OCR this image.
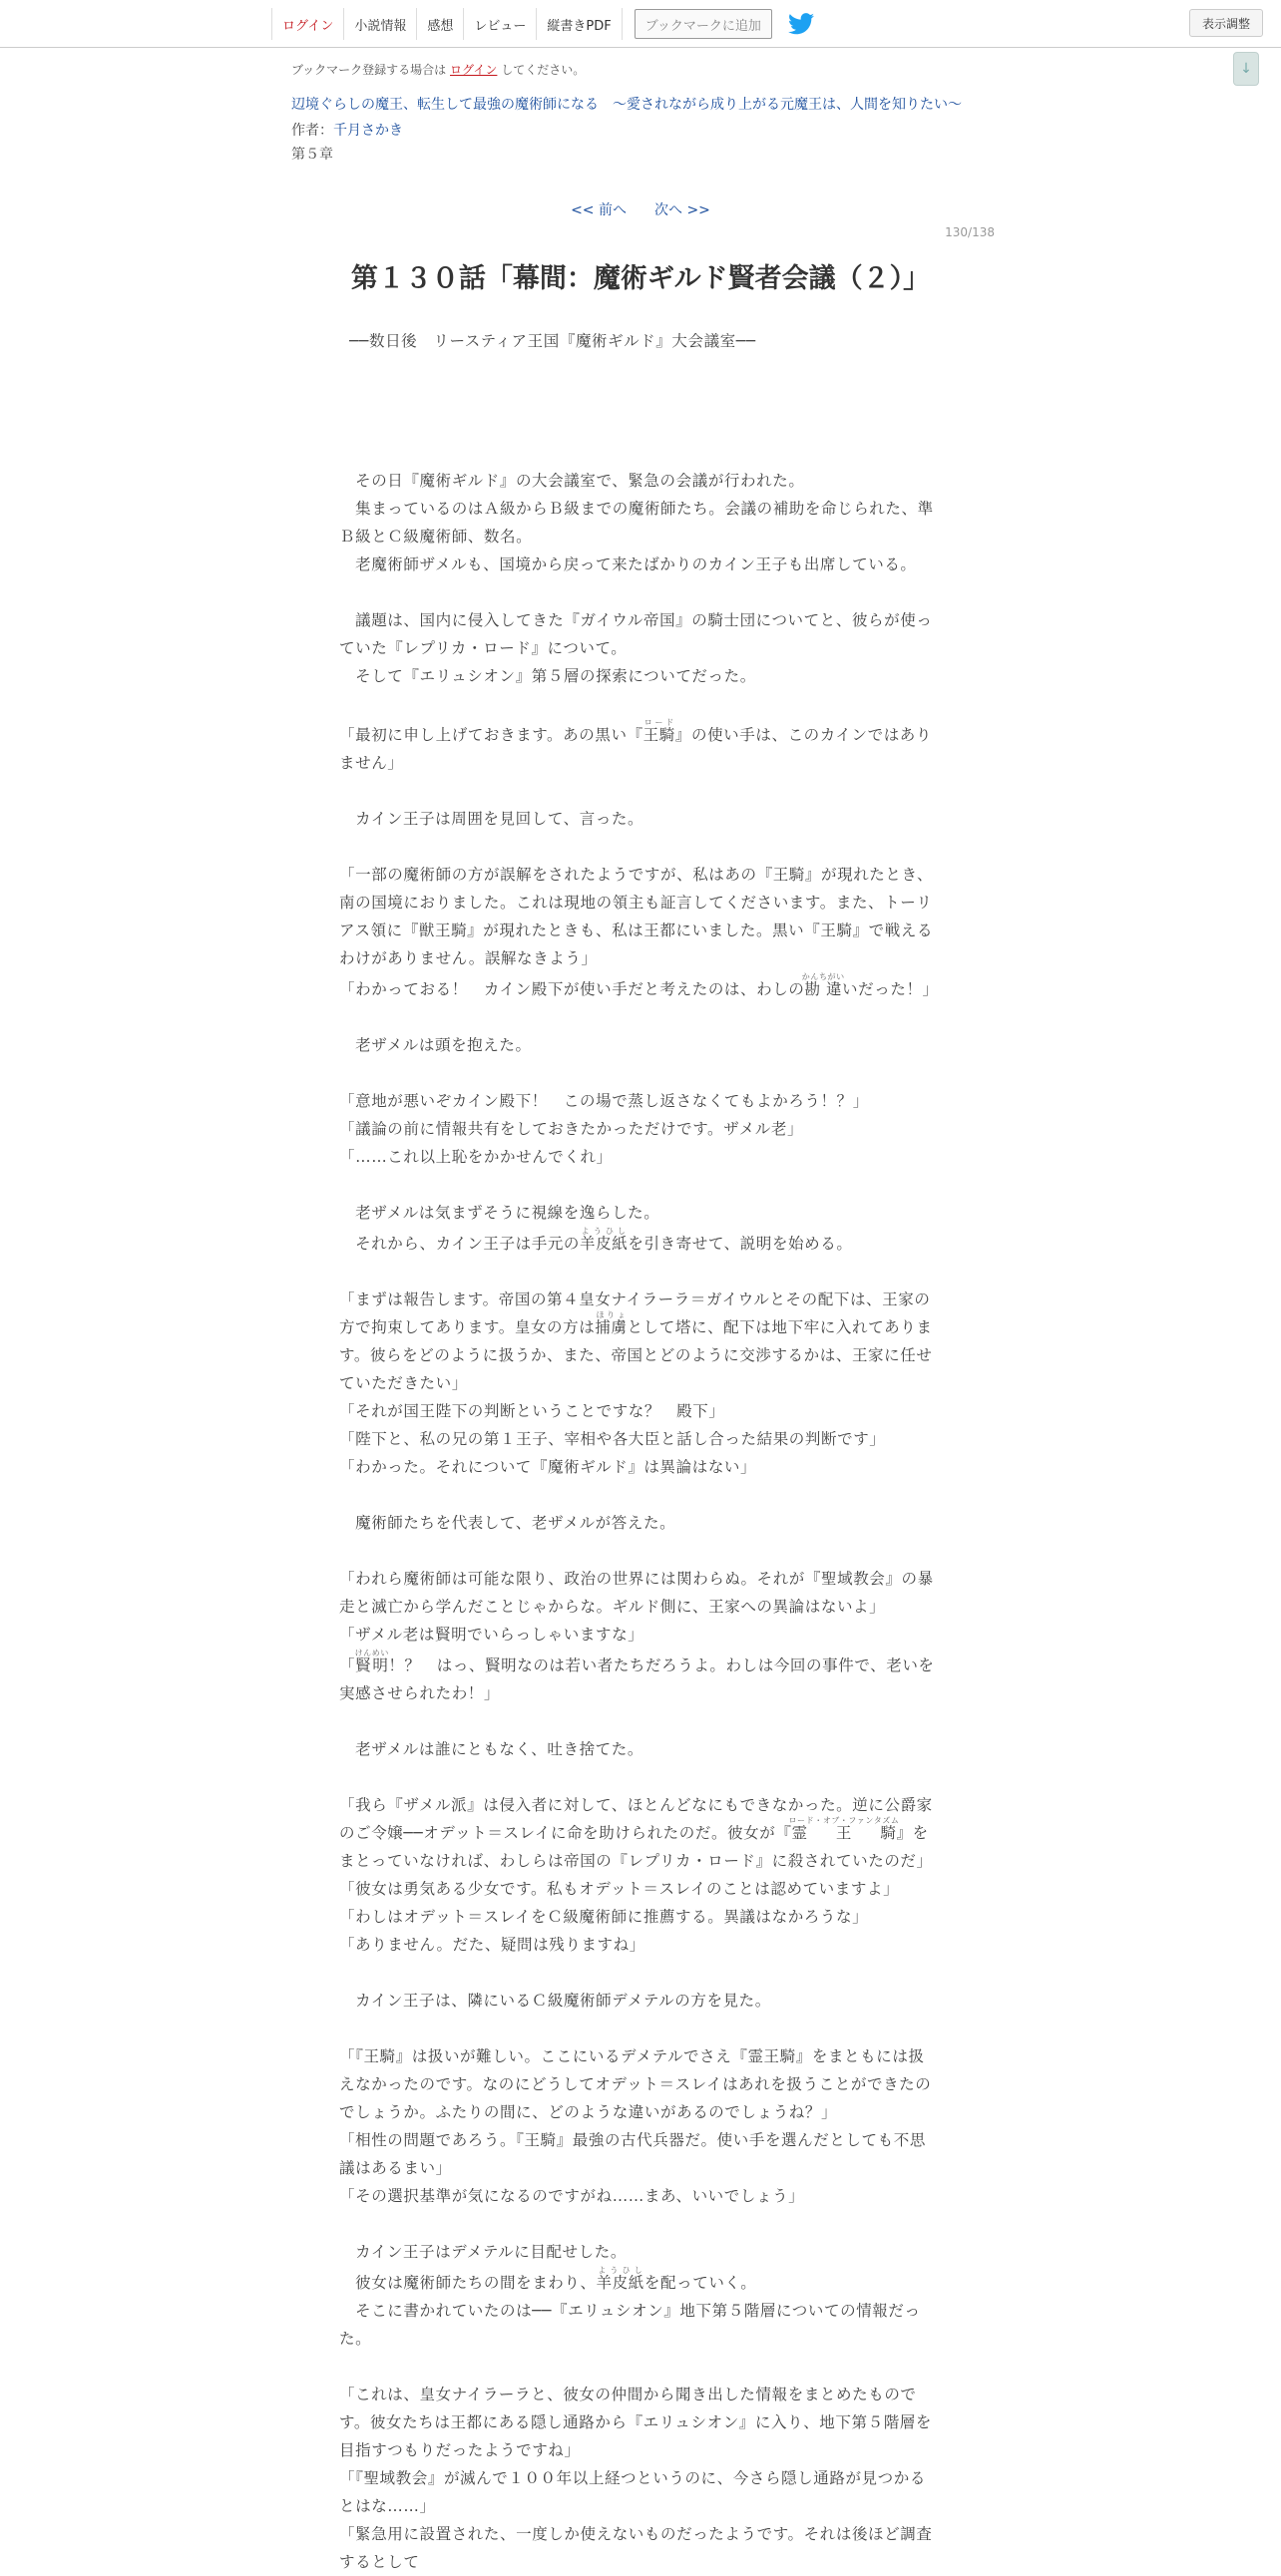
ログイン	小説情報	感想	レビュー	縦書きPDF	ブックマークに追加	表示調整
↓
ブックマーク登録する場合は ログイン してください。
辺境ぐらしの魔王、転生して最強の魔術師になる　〜愛されながら成り上がる元魔王は、人間を知りたい〜
作者：千月さかき
第５章
<< 前へ 次へ >>
130/138
第１３０話「幕間：魔術ギルド賢者会議（２）」

　──数日後　リースティア王国『魔術ギルド』大会議室──

　その日『魔術ギルド』の大会議室で、緊急の会議が行われた。

　集まっているのはＡ級からＢ級までの魔術師たち。会議の補助を命じられた、準Ｂ級とＣ級魔術師、数名。

　老魔術師ザメルも、国境から戻って来たばかりのカイン王子も出席している。

　議題は、国内に侵入してきた『ガイウル帝国』の騎士団についてと、彼らが使っていた『レプリカ・ロード』について。

　そして『エリュシオン』第５層の探索についてだった。

「最初に申し上げておきます。あの黒い『王騎ロード』の使い手は、このカインではありません」

　カイン王子は周囲を見回して、言った。

「一部の魔術師の方が誤解をされたようですが、私はあの『王騎』が現れたとき、南の国境におりました。これは現地の領主も証言してくださいます。また、トーリアス領に『獣王騎』が現れたときも、私は王都にいました。黒い『王騎』で戦えるわけがありません。誤解なきよう」

「わかっておる！　カイン殿下が使い手だと考えたのは、わしの勘違かんちがいいだった！」

　老ザメルは頭を抱えた。

「意地が悪いぞカイン殿下！　この場で蒸し返さなくてもよかろう！？」

「議論の前に情報共有をしておきたかっただけです。ザメル老」

「……これ以上恥をかかせんでくれ」

　老ザメルは気まずそうに視線を逸らした。

　それから、カイン王子は手元の羊皮紙ようひしを引き寄せて、説明を始める。

「まずは報告します。帝国の第４皇女ナイラーラ＝ガイウルとその配下は、王家の方で拘束してあります。皇女の方は捕虜ほりょとして塔に、配下は地下牢に入れてあります。彼らをどのように扱うか、また、帝国とどのように交渉するかは、王家に任せていただきたい」

「それが国王陛下の判断ということですな？　殿下」

「陛下と、私の兄の第１王子、宰相や各大臣と話し合った結果の判断です」

「わかった。それについて『魔術ギルド』は異論はない」

　魔術師たちを代表して、老ザメルが答えた。

「われら魔術師は可能な限り、政治の世界には関わらぬ。それが『聖域教会』の暴走と滅亡から学んだことじゃからな。ギルド側に、王家への異論はないよ」

「ザメル老は賢明でいらっしゃいますな」

「賢明けんめい！？　はっ、賢明なのは若い者たちだろうよ。わしは今回の事件で、老いを実感させられたわ！」

　老ザメルは誰にともなく、吐き捨てた。

「我ら『ザメル派』は侵入者に対して、ほとんどなにもできなかった。逆に公爵家のご令嬢──オデット＝スレイに命を助けられたのだ。彼女が『霊　王　騎ロード・オブ・ファンタズム』をまとっていなければ、わしらは帝国の『レプリカ・ロード』に殺されていたのだ」

「彼女は勇気ある少女です。私もオデット＝スレイのことは認めていますよ」

「わしはオデット＝スレイをＣ級魔術師に推薦する。異議はなかろうな」

「ありません。だた、疑問は残りますね」

　カイン王子は、隣にいるＣ級魔術師デメテルの方を見た。

「『王騎』は扱いが難しい。ここにいるデメテルでさえ『霊王騎』をまともには扱えなかったのです。なのにどうしてオデット＝スレイはあれを扱うことができたのでしょうか。ふたりの間に、どのような違いがあるのでしょうね？」

「相性の問題であろう。『王騎』最強の古代兵器だ。使い手を選んだとしても不思議はあるまい」

「その選択基準が気になるのですがね……まあ、いいでしょう」

　カイン王子はデメテルに目配せした。

　彼女は魔術師たちの間をまわり、羊皮紙ようひしを配っていく。

　そこに書かれていたのは──『エリュシオン』地下第５階層についての情報だった。

「これは、皇女ナイラーラと、彼女の仲間から聞き出した情報をまとめたものです。彼女たちは王都にある隠し通路から『エリュシオン』に入り、地下第５階層を目指すつもりだったようですね」

「『聖域教会』が滅んで１００年以上経つというのに、今さら隠し通路が見つかるとはな……」

「緊急用に設置された、一度しか使えないものだったようです。それは後ほど調査するとして
